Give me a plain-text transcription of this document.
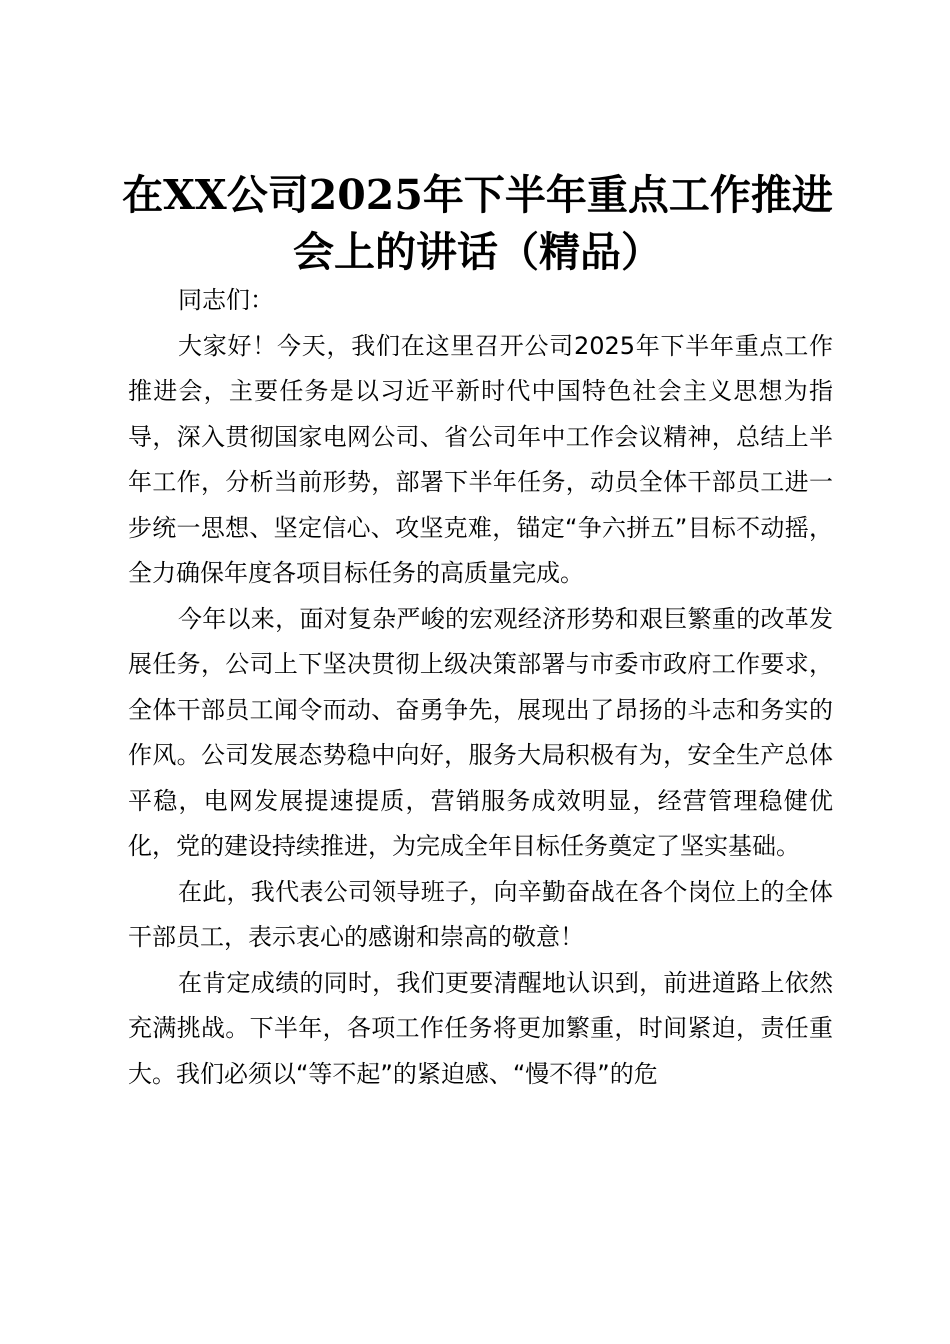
在XX公司2025年下半年重点工作推进会上的讲话（精品）

同志们：

大家好！今天，我们在这里召开公司2025年下半年重点工作推进会，主要任务是以习近平新时代中国特色社会主义思想为指导，深入贯彻国家电网公司、省公司年中工作会议精神，总结上半年工作，分析当前形势，部署下半年任务，动员全体干部员工进一步统一思想、坚定信心、攻坚克难，锚定“争六拼五”目标不动摇，全力确保年度各项目标任务的高质量完成。

今年以来，面对复杂严峻的宏观经济形势和艰巨繁重的改革发展任务，公司上下坚决贯彻上级决策部署与市委市政府工作要求，全体干部员工闻令而动、奋勇争先，展现出了昂扬的斗志和务实的作风。公司发展态势稳中向好，服务大局积极有为，安全生产总体平稳，电网发展提速提质，营销服务成效明显，经营管理稳健优化，党的建设持续推进，为完成全年目标任务奠定了坚实基础。

在此，我代表公司领导班子，向辛勤奋战在各个岗位上的全体干部员工，表示衷心的感谢和崇高的敬意！

在肯定成绩的同时，我们更要清醒地认识到，前进道路上依然充满挑战。下半年，各项工作任务将更加繁重，时间紧迫，责任重大。我们必须以“等不起”的紧迫感、“慢不得”的危
